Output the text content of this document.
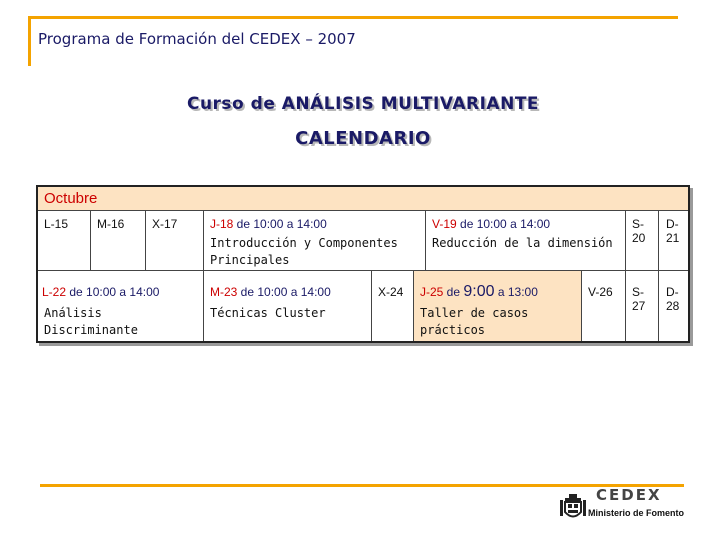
Programa de Formación del CEDEX – 2007
Curso de ANÁLISIS MULTIVARIANTE
CALENDARIO
Octubre
L-15 M-16 X-17	J-18 de 10:00 a 14:00
Introducción y Componentes Principales
V-19 de 10:00 a 14:00
Reducción de la dimensión
S-20
D-21
L-22 de 10:00 a 14:00
Análisis Discriminante
M-23 de 10:00 a 14:00
Técnicas Cluster
X-24 J-25 de 9:00 a 13:00
Taller de casos prácticos
V-26 S-27
D-28
CEDEX
Ministerio de Fomento
